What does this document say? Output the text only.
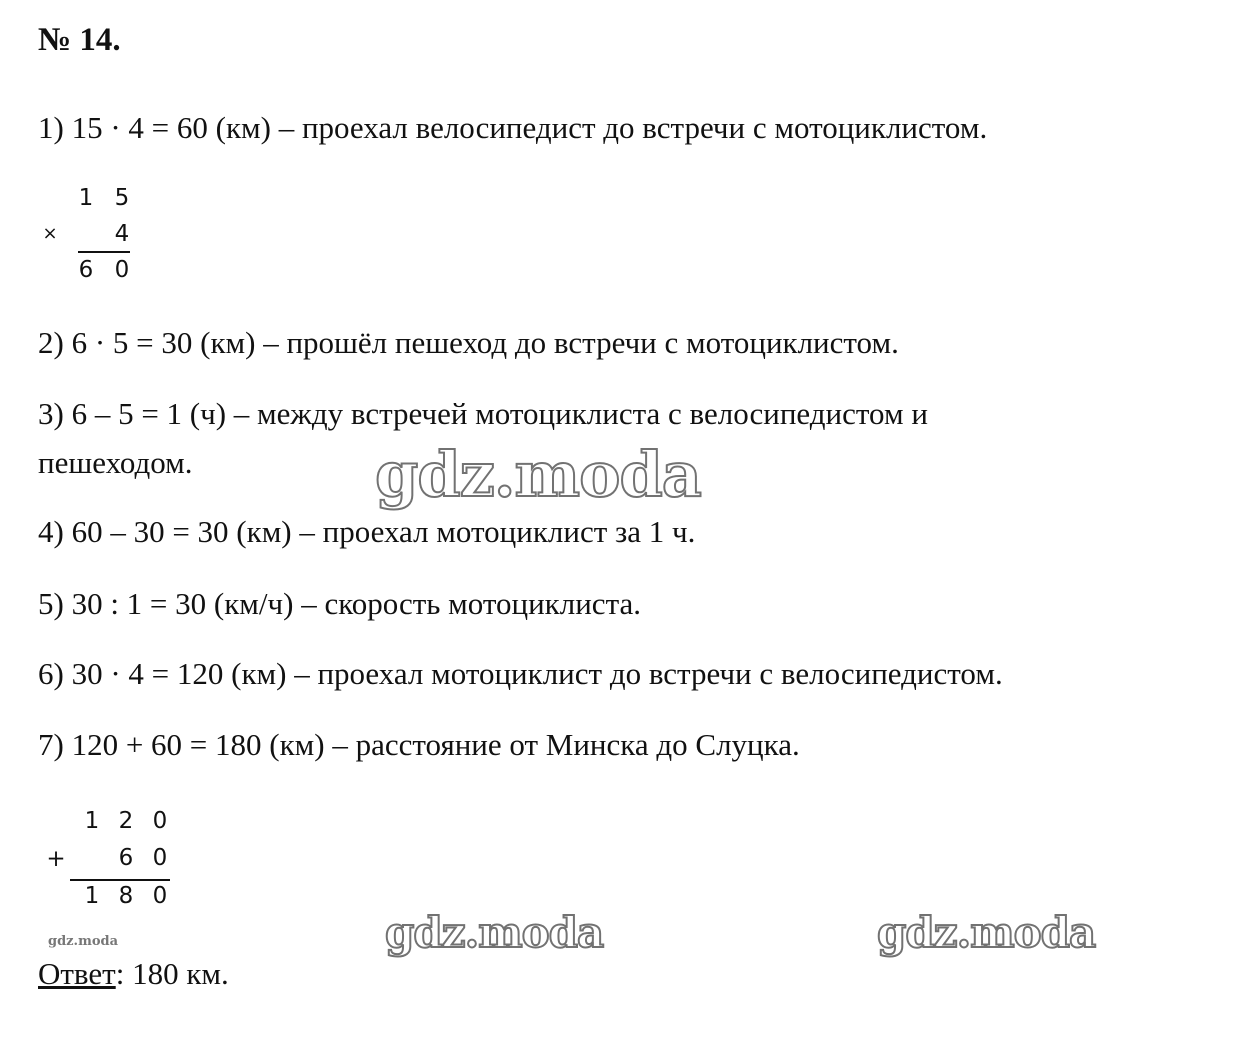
№ 14.
1) 15 · 4 = 60 (км) – проехал велосипедист до встречи с мотоциклистом.
1 5
× 4
6 0
2) 6 · 5 = 30 (км) – прошёл пешеход до встречи с мотоциклистом.
3) 6 – 5 = 1 (ч) – между встречей мотоциклиста с велосипедистом и
пешеходом.
4) 60 – 30 = 30 (км) – проехал мотоциклист за 1 ч.
5) 30 : 1 = 30 (км/ч) – скорость мотоциклиста.
6) 30 · 4 = 120 (км) – проехал мотоциклист до встречи с велосипедистом.
7) 120 + 60 = 180 (км) – расстояние от Минска до Слуцка.
1 2 0
+ 6 0
1 8 0
gdz.moda
Ответ: 180 км.
gdz.moda
gdz.moda	gdz.moda
